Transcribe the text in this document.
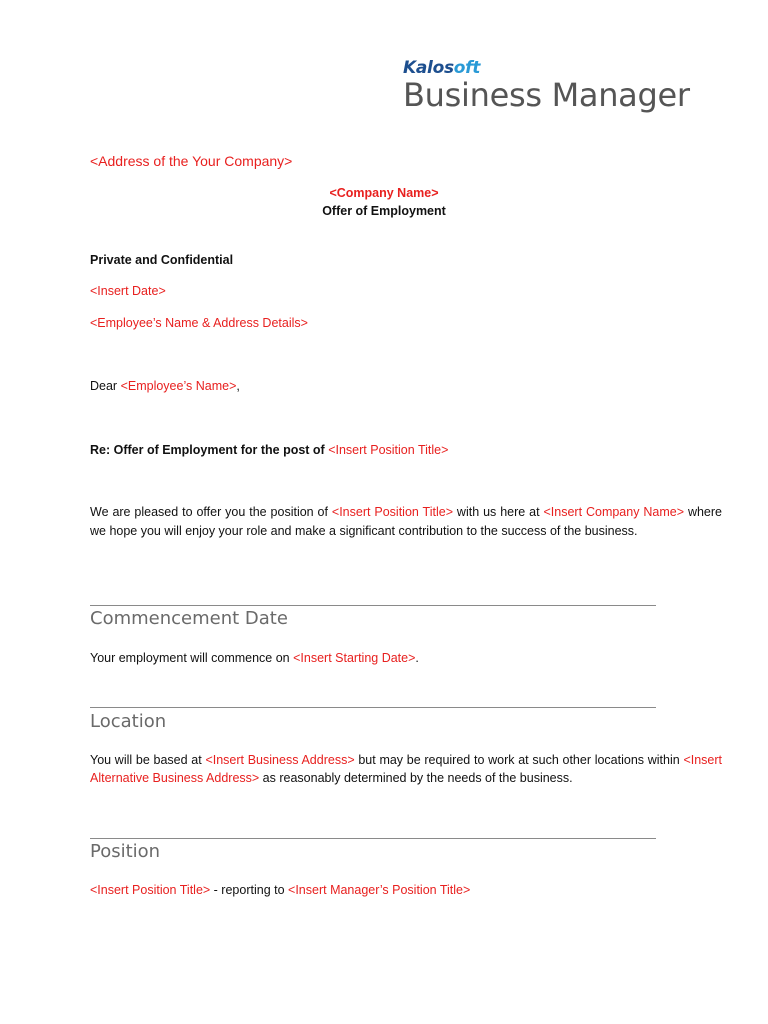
Kalosoft
Business Manager
<Address of the Your Company>
<Company Name>
Offer of Employment
Private and Confidential
<Insert Date>
<Employee’s Name & Address Details>
Dear <Employee’s Name>,
Re: Offer of Employment for the post of <Insert Position Title>
We are pleased to offer you the position of <Insert Position Title> with us here at <Insert Company Name> where we hope you will enjoy your role and make a significant contribution to the success of the business.
Commencement Date
Your employment will commence on <Insert Starting Date>.
Location
You will be based at <Insert Business Address> but may be required to work at such other locations within <Insert Alternative Business Address> as reasonably determined by the needs of the business.
Position
<Insert Position Title> - reporting to <Insert Manager’s Position Title>
